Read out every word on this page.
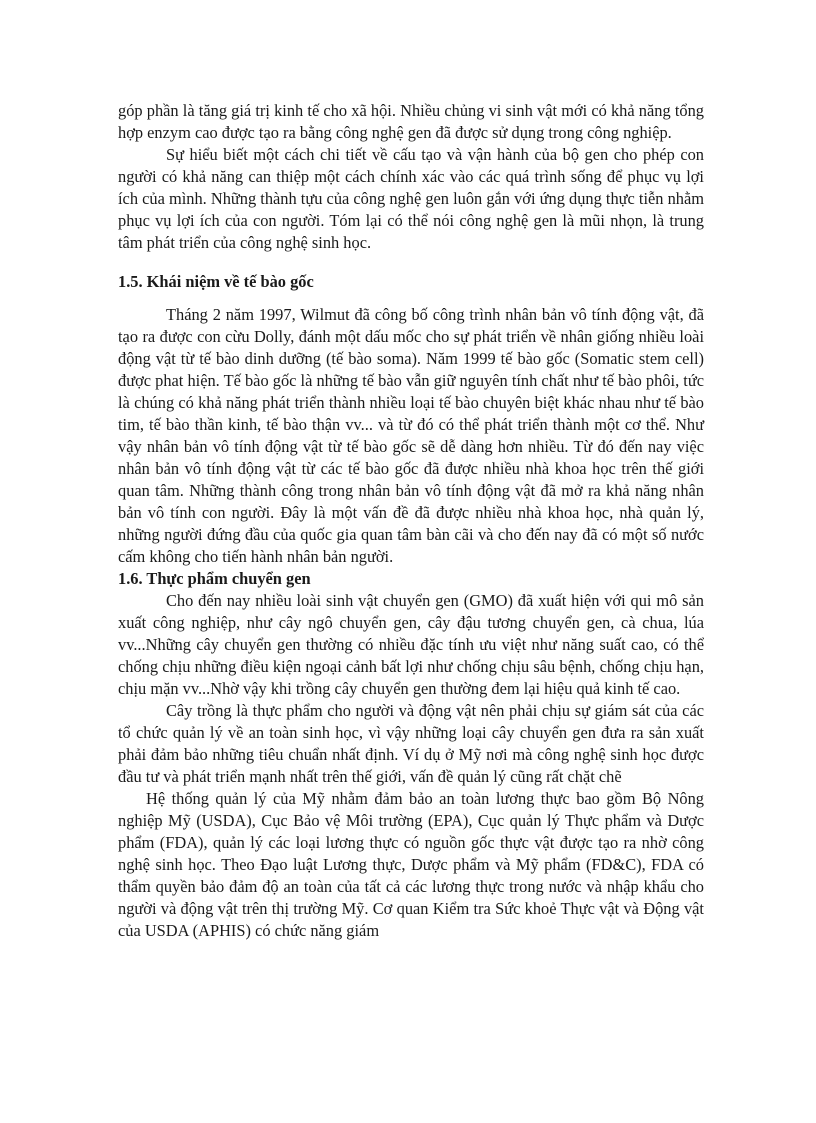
góp phần là tăng giá trị kinh tế cho xã hội. Nhiều chủng vi sinh vật mới có khả năng tổng hợp enzym cao được tạo ra bằng công nghệ gen đã được sử dụng trong công nghiệp.

Sự hiểu biết một cách chi tiết về cấu tạo và vận hành của bộ gen cho phép con người có khả năng can thiệp một cách chính xác vào các quá trình sống để phục vụ lợi ích của mình. Những thành tựu của công nghệ gen luôn gắn với ứng dụng thực tiễn nhằm phục vụ lợi ích của con người. Tóm lại có thể nói công nghệ gen là mũi nhọn, là trung tâm phát triển của công nghệ sinh học.

1.5. Khái niệm về tế bào gốc

Tháng 2 năm 1997, Wilmut đã công bố công trình nhân bản vô tính động vật, đã tạo ra được con cừu Dolly, đánh một dấu mốc cho sự phát triển về nhân giống nhiều loài động vật từ tế bào dinh dưỡng (tế bào soma). Năm 1999 tế bào gốc (Somatic stem cell) được phat hiện. Tế bào gốc là những tế bào vẫn giữ nguyên tính chất như tế bào phôi, tức là chúng có khả năng phát triển thành nhiều loại tế bào chuyên biệt khác nhau như tế bào tim, tế bào thần kinh, tế bào thận vv... và từ đó có thể phát triển thành một cơ thể. Như vậy nhân bản vô tính động vật từ tế bào gốc sẽ dễ dàng hơn nhiều. Từ đó đến nay việc nhân bản vô tính động vật từ các tế bào gốc đã được nhiều nhà khoa học trên thế giới quan tâm. Những thành công trong nhân bản vô tính động vật đã mở ra khả năng nhân bản vô tính con người. Đây là một vấn đề đã được nhiều nhà khoa học, nhà quản lý, những người đứng đầu của quốc gia quan tâm bàn cãi và cho đến nay đã có một số nước cấm không cho tiến hành nhân bản người.

1.6. Thực phẩm chuyển gen

Cho đến nay nhiều loài sinh vật chuyển gen (GMO) đã xuất hiện với qui mô sản xuất công nghiệp, như cây ngô chuyển gen, cây đậu tương chuyển gen, cà chua, lúa vv...Những cây chuyển gen thường có nhiều đặc tính ưu việt như năng suất cao, có thể chống chịu những điều kiện ngoại cảnh bất lợi như chống chịu sâu bệnh, chống chịu hạn, chịu mặn vv...Nhờ vậy khi trồng cây chuyển gen thường đem lại hiệu quả kinh tế cao.

Cây trồng là thực phẩm cho người và động vật nên phải chịu sự giám sát của các tổ chức quản lý về an toàn sinh học, vì vậy những loại cây chuyển gen đưa ra sản xuất phải đảm bảo những tiêu chuẩn nhất định. Ví dụ ở Mỹ nơi mà công nghệ sinh học được đầu tư và phát triển mạnh nhất trên thế giới, vấn đề quản lý cũng rất chặt chẽ

Hệ thống quản lý của Mỹ nhằm đảm bảo an toàn lương thực bao gồm Bộ Nông nghiệp Mỹ (USDA), Cục Bảo vệ Môi trường (EPA), Cục quản lý Thực phẩm và Dược phẩm (FDA), quản lý các loại lương thực có nguồn gốc thực vật được tạo ra nhờ công nghệ sinh học. Theo Đạo luật Lương thực, Dược phẩm và Mỹ phẩm (FD&C), FDA có thẩm quyền bảo đảm độ an toàn của tất cả các lương thực trong nước và nhập khẩu cho người và động vật trên thị trường Mỹ. Cơ quan Kiểm tra Sức khoẻ Thực vật và Động vật của USDA (APHIS) có chức năng giám
